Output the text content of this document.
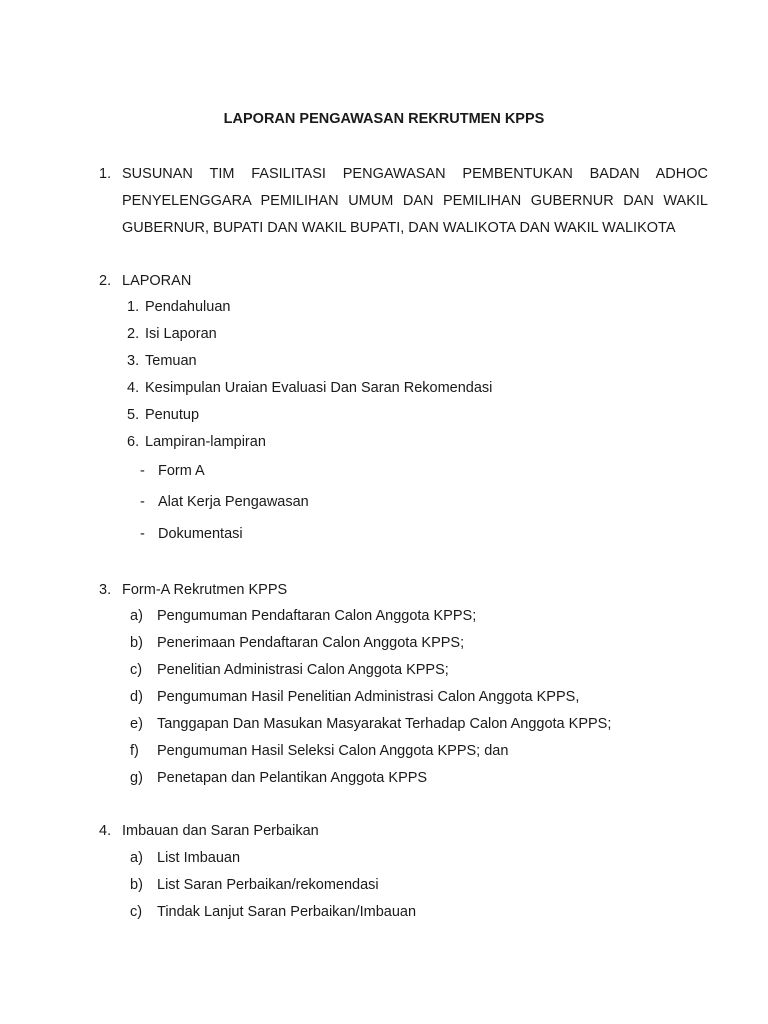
LAPORAN PENGAWASAN REKRUTMEN KPPS
1. SUSUNAN TIM FASILITASI PENGAWASAN PEMBENTUKAN BADAN ADHOC
PENYELENGGARA PEMILIHAN UMUM DAN PEMILIHAN GUBERNUR DAN WAKIL
GUBERNUR, BUPATI DAN WAKIL BUPATI, DAN WALIKOTA DAN WAKIL WALIKOTA
2. LAPORAN
1. Pendahuluan
2. Isi Laporan
3. Temuan
4. Kesimpulan Uraian Evaluasi Dan Saran Rekomendasi
5. Penutup
6. Lampiran-lampiran
- Form A
- Alat Kerja Pengawasan
- Dokumentasi
3. Form-A Rekrutmen KPPS
a) Pengumuman Pendaftaran Calon Anggota KPPS;
b) Penerimaan Pendaftaran Calon Anggota KPPS;
c) Penelitian Administrasi Calon Anggota KPPS;
d) Pengumuman Hasil Penelitian Administrasi Calon Anggota KPPS,
e) Tanggapan Dan Masukan Masyarakat Terhadap Calon Anggota KPPS;
f) Pengumuman Hasil Seleksi Calon Anggota KPPS; dan
g) Penetapan dan Pelantikan Anggota KPPS
4. Imbauan dan Saran Perbaikan
a) List Imbauan
b) List Saran Perbaikan/rekomendasi
c) Tindak Lanjut Saran Perbaikan/Imbauan
